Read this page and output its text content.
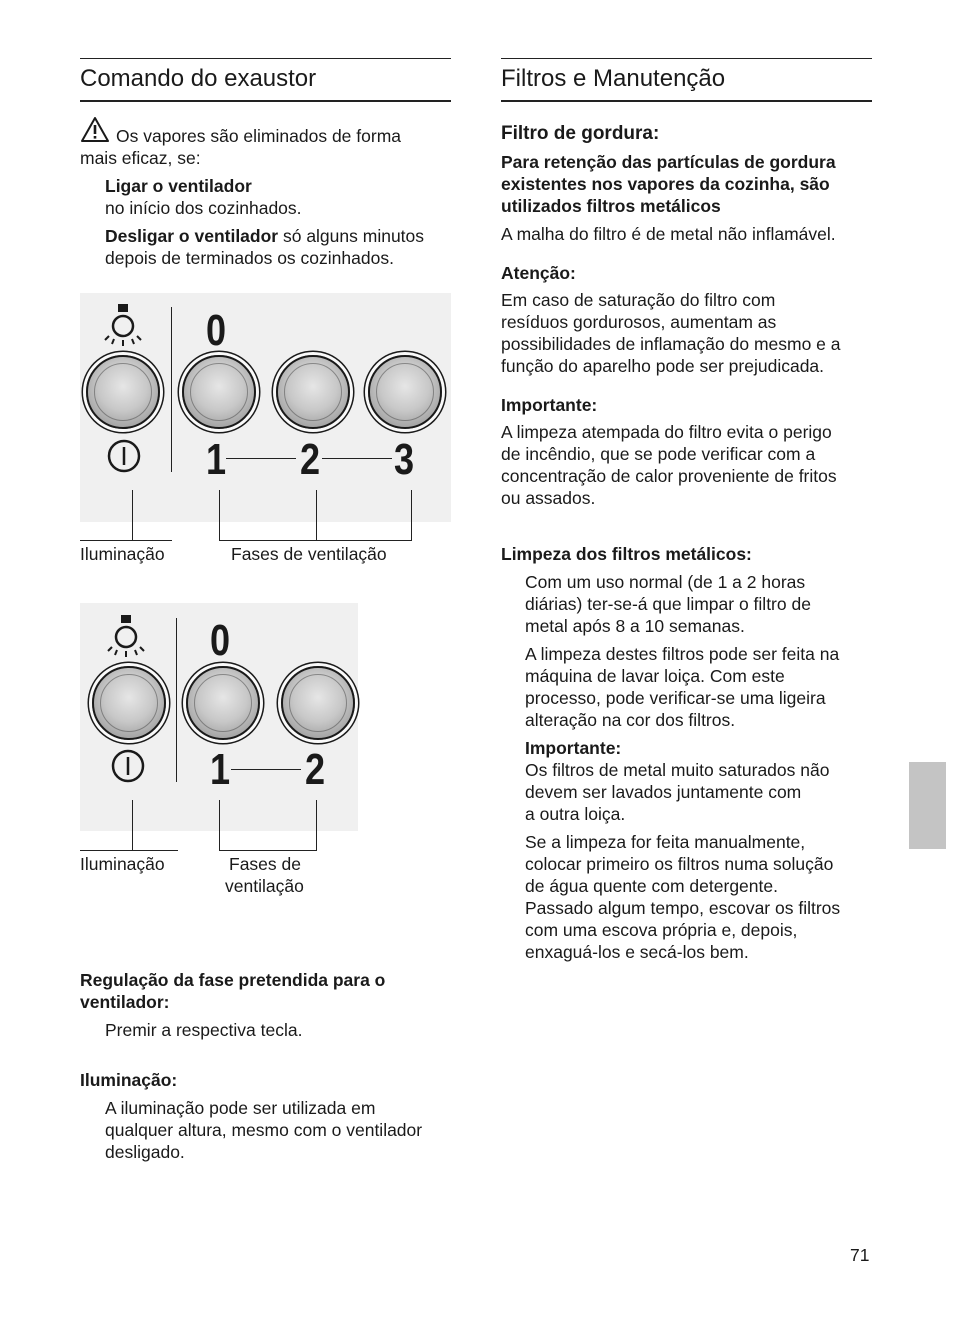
Comando do exaustor
Os vapores são eliminados de forma
mais eficaz, se:
Ligar o ventilador
no início dos cozinhados.
Desligar o ventilador só alguns minutos
depois de terminados os cozinhados.
0
1 2 3
Iluminação	Fases de ventilação
0
1 2
Iluminação	Fases de
ventilação
Regulação da fase pretendida para o
ventilador:
Premir a respectiva tecla.
Iluminação:
A iluminação pode ser utilizada em
qualquer altura, mesmo com o ventilador
desligado.
Filtros e Manutenção
Filtro de gordura:
Para retenção das partículas de gordura
existentes nos vapores da cozinha, são
utilizados filtros metálicos
A malha do filtro é de metal não inflamável.
Atenção:
Em caso de saturação do filtro com
resíduos gordurosos, aumentam as
possibilidades de inflamação do mesmo e a
função do aparelho pode ser prejudicada.
Importante:
A limpeza atempada do filtro evita o perigo
de incêndio, que se pode verificar com a
concentração de calor proveniente de fritos
ou assados.
Limpeza dos filtros metálicos:
Com um uso normal (de 1 a 2 horas
diárias) ter-se-á que limpar o filtro de
metal após 8 a 10 semanas.
A limpeza destes filtros pode ser feita na
máquina de lavar loiça. Com este
processo, pode verificar-se uma ligeira
alteração na cor dos filtros.
Importante:
Os filtros de metal muito saturados não
devem ser lavados juntamente com
a outra loiça.
Se a limpeza for feita manualmente,
colocar primeiro os filtros numa solução
de água quente com detergente.
Passado algum tempo, escovar os filtros
com uma escova própria e, depois,
enxaguá-los e secá-los bem.
71
